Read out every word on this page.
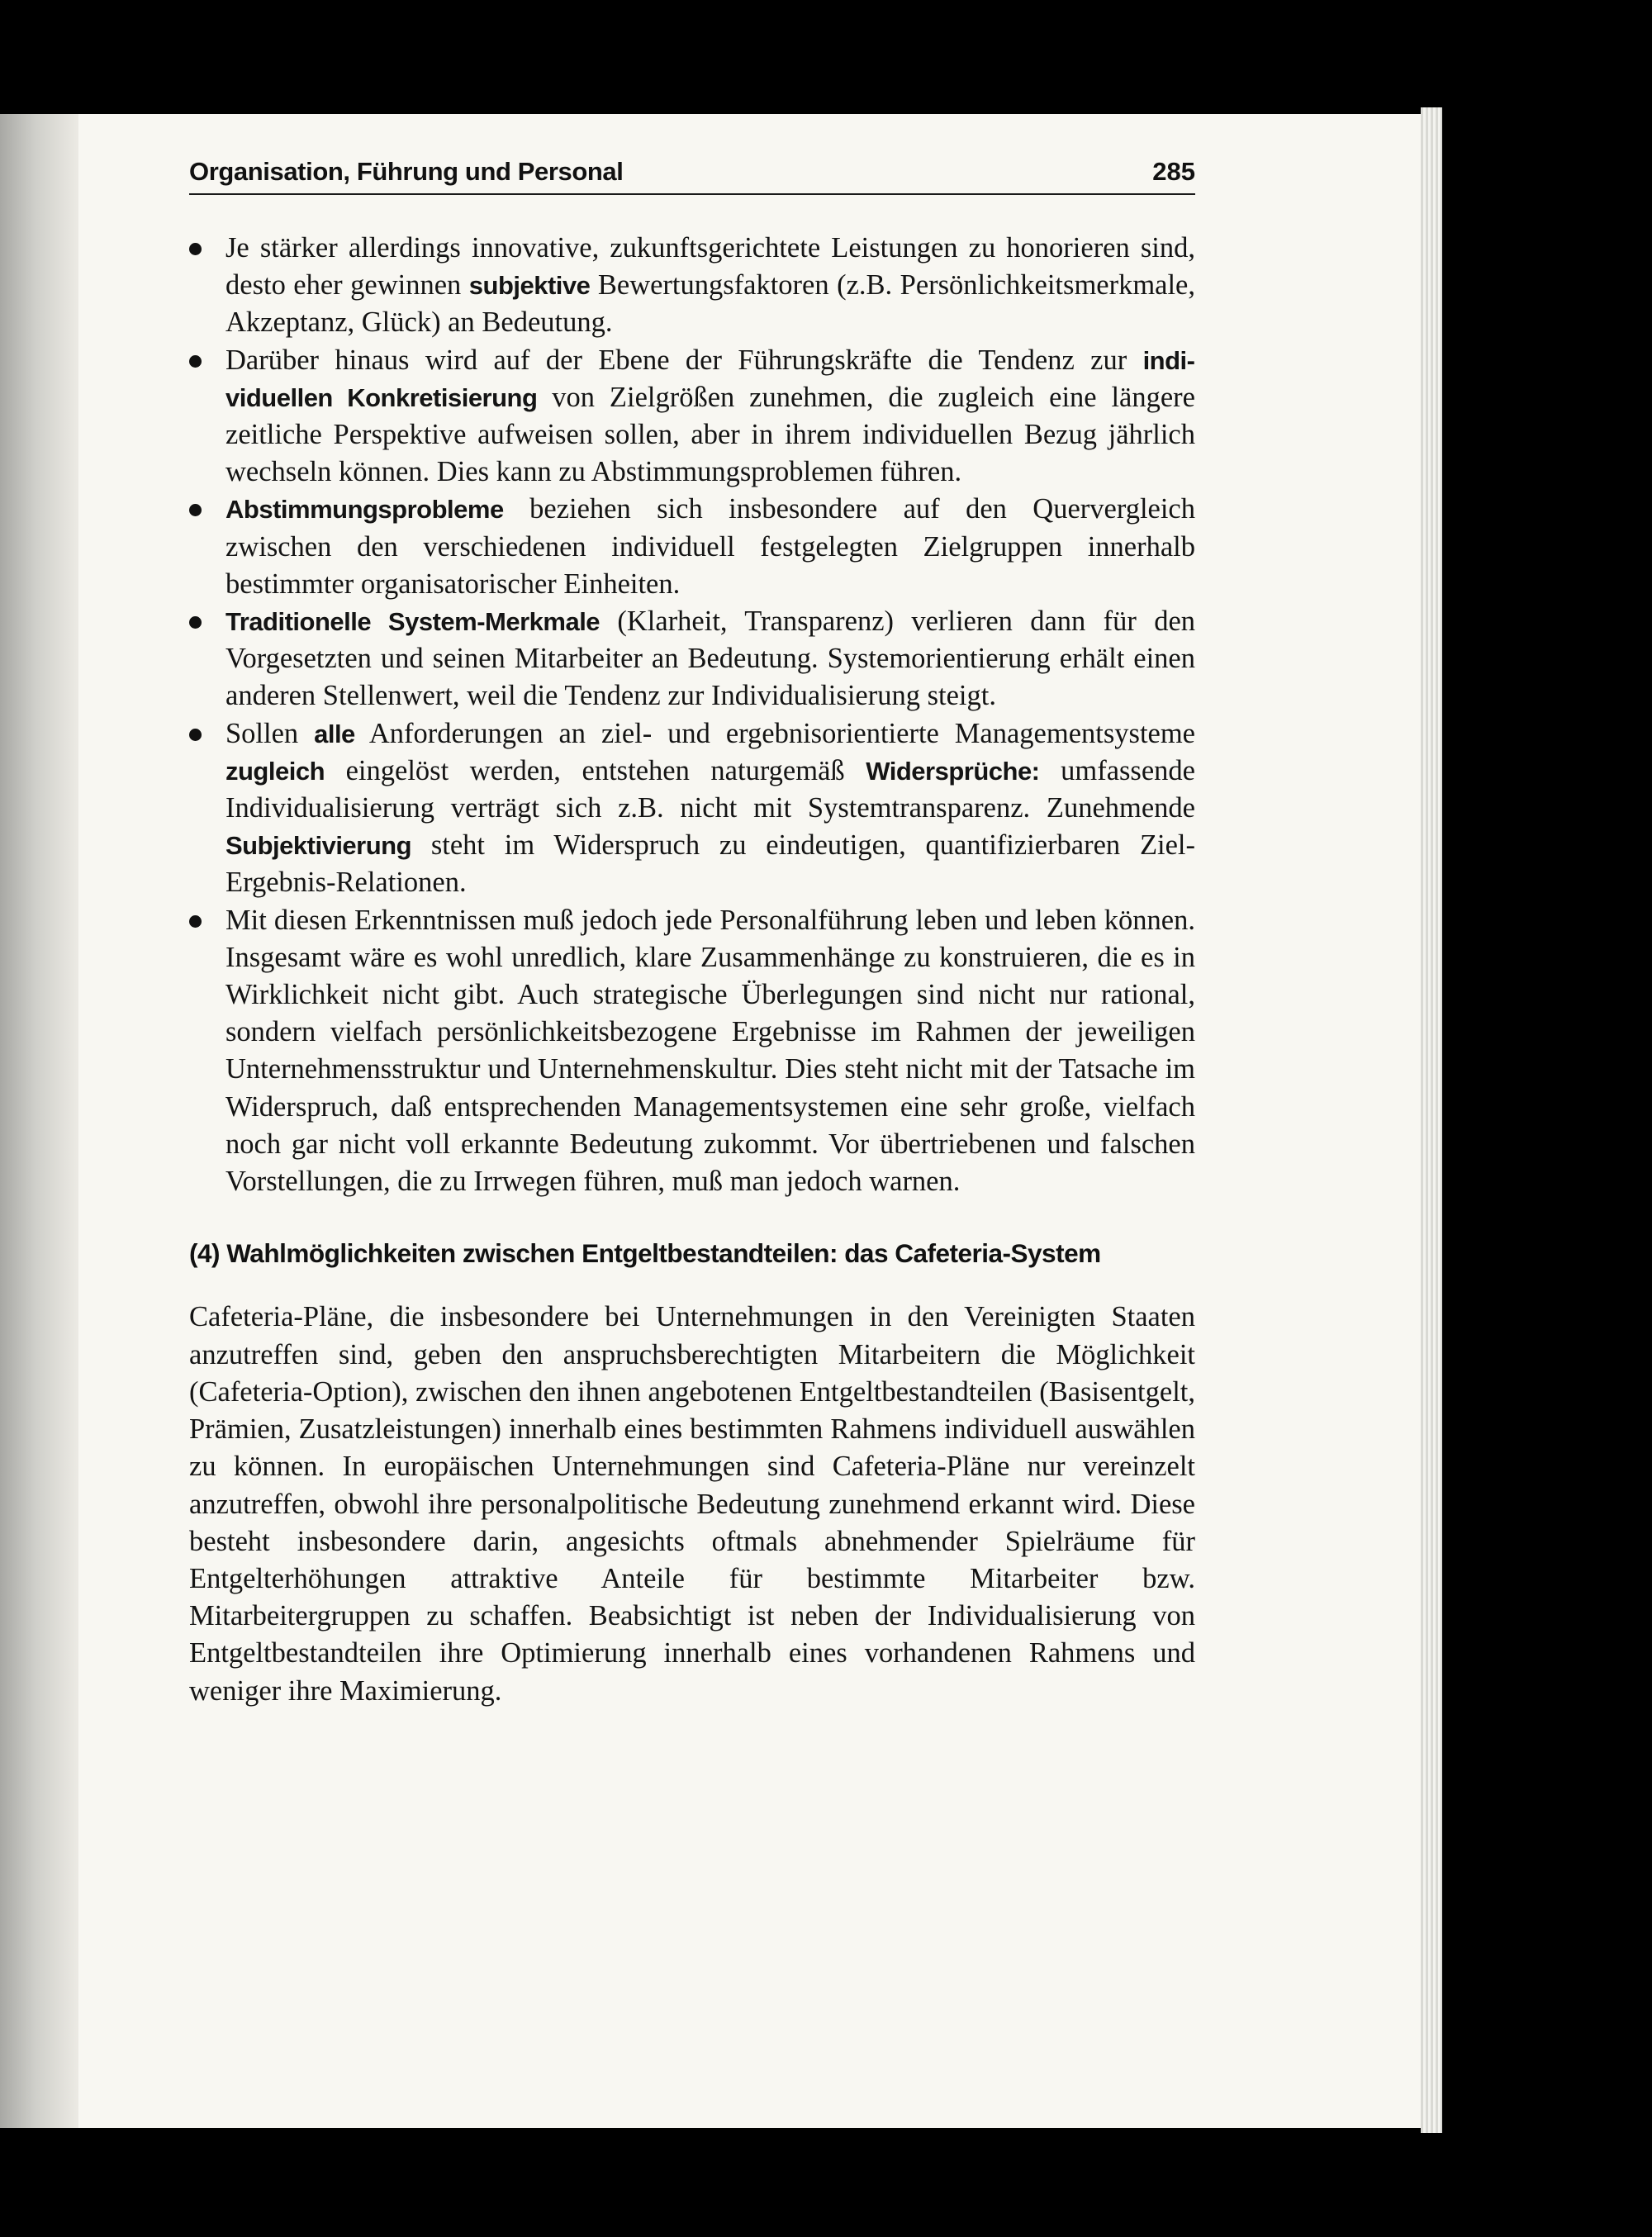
Organisation, Führung und Personal	285
Je stärker allerdings innovative, zukunftsgerichtete Leistungen zu honorieren sind, desto eher gewinnen subjektive Bewertungsfaktoren (z.B. Persönlichkeitsmerkmale, Akzeptanz, Glück) an Bedeutung.
Darüber hinaus wird auf der Ebene der Führungskräfte die Tendenz zur individuellen Konkretisierung von Zielgrößen zunehmen, die zugleich eine längere zeitliche Perspektive aufweisen sollen, aber in ihrem individuellen Bezug jährlich wechseln können. Dies kann zu Abstimmungsproblemen führen.
Abstimmungsprobleme beziehen sich insbesondere auf den Quervergleich zwischen den verschiedenen individuell festgelegten Zielgruppen innerhalb bestimmter organisatorischer Einheiten.
Traditionelle System-Merkmale (Klarheit, Transparenz) verlieren dann für den Vorgesetzten und seinen Mitarbeiter an Bedeutung. Systemorientierung erhält einen anderen Stellenwert, weil die Tendenz zur Individualisierung steigt.
Sollen alle Anforderungen an ziel- und ergebnisorientierte Managementsysteme zugleich eingelöst werden, entstehen naturgemäß Widersprüche: umfassende Individualisierung verträgt sich z.B. nicht mit Systemtransparenz. Zunehmende Subjektivierung steht im Widerspruch zu eindeutigen, quantifizierbaren Ziel-Ergebnis-Relationen.
Mit diesen Erkenntnissen muß jedoch jede Personalführung leben und leben können. Insgesamt wäre es wohl unredlich, klare Zusammenhänge zu konstruieren, die es in Wirklichkeit nicht gibt. Auch strategische Überlegungen sind nicht nur rational, sondern vielfach persönlichkeitsbezogene Ergebnisse im Rahmen der jeweiligen Unternehmensstruktur und Unternehmenskultur. Dies steht nicht mit der Tatsache im Widerspruch, daß entsprechenden Managementsystemen eine sehr große, vielfach noch gar nicht voll erkannte Bedeutung zukommt. Vor übertriebenen und falschen Vorstellungen, die zu Irrwegen führen, muß man jedoch warnen.
(4) Wahlmöglichkeiten zwischen Entgeltbestandteilen: das Cafeteria-System

Cafeteria-Pläne, die insbesondere bei Unternehmungen in den Vereinigten Staaten anzutreffen sind, geben den anspruchsberechtigten Mitarbeitern die Möglichkeit (Cafeteria-Option), zwischen den ihnen angebotenen Entgeltbestandteilen (Basisentgelt, Prämien, Zusatzleistungen) innerhalb eines bestimmten Rahmens individuell auswählen zu können. In europäischen Unternehmungen sind Cafeteria-Pläne nur vereinzelt anzutreffen, obwohl ihre personalpolitische Bedeutung zunehmend erkannt wird. Diese besteht insbesondere darin, angesichts oftmals abnehmender Spielräume für Entgelterhöhungen attraktive Anteile für bestimmte Mitarbeiter bzw. Mitarbeitergruppen zu schaffen. Beabsichtigt ist neben der Individualisierung von Entgeltbestandteilen ihre Optimierung innerhalb eines vorhandenen Rahmens und weniger ihre Maximierung.
